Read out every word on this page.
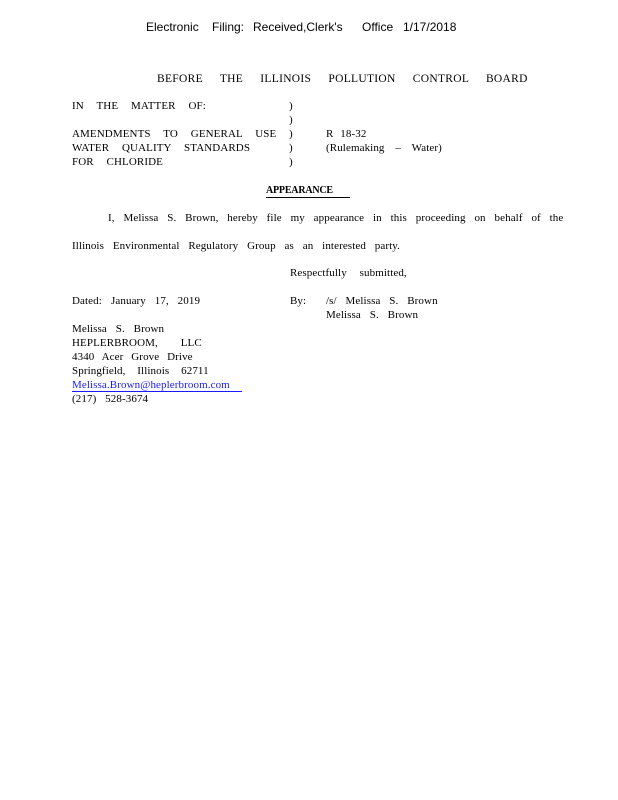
Electronic Filing: Received,Clerk's Office 1/17/2018
BEFORE THE ILLINOIS POLLUTION CONTROL BOARD
IN THE MATTER OF:
AMENDMENTS TO GENERAL USE
WATER QUALITY STANDARDS
FOR CHLORIDE
)
)
)
)
)
R 18-32
(Rulemaking – Water)
APPEARANCE
I, Melissa S. Brown, hereby file my appearance in this proceeding on behalf of the
Illinois Environmental Regulatory Group as an interested party.
Respectfully submitted,
Dated: January 17, 2019	By: /s/ Melissa S. Brown
Melissa S. Brown
Melissa S. Brown
HEPLERBROOM, LLC
4340 Acer Grove Drive
Springfield, Illinois 62711
Melissa.Brown@heplerbroom.com
(217) 528-3674
